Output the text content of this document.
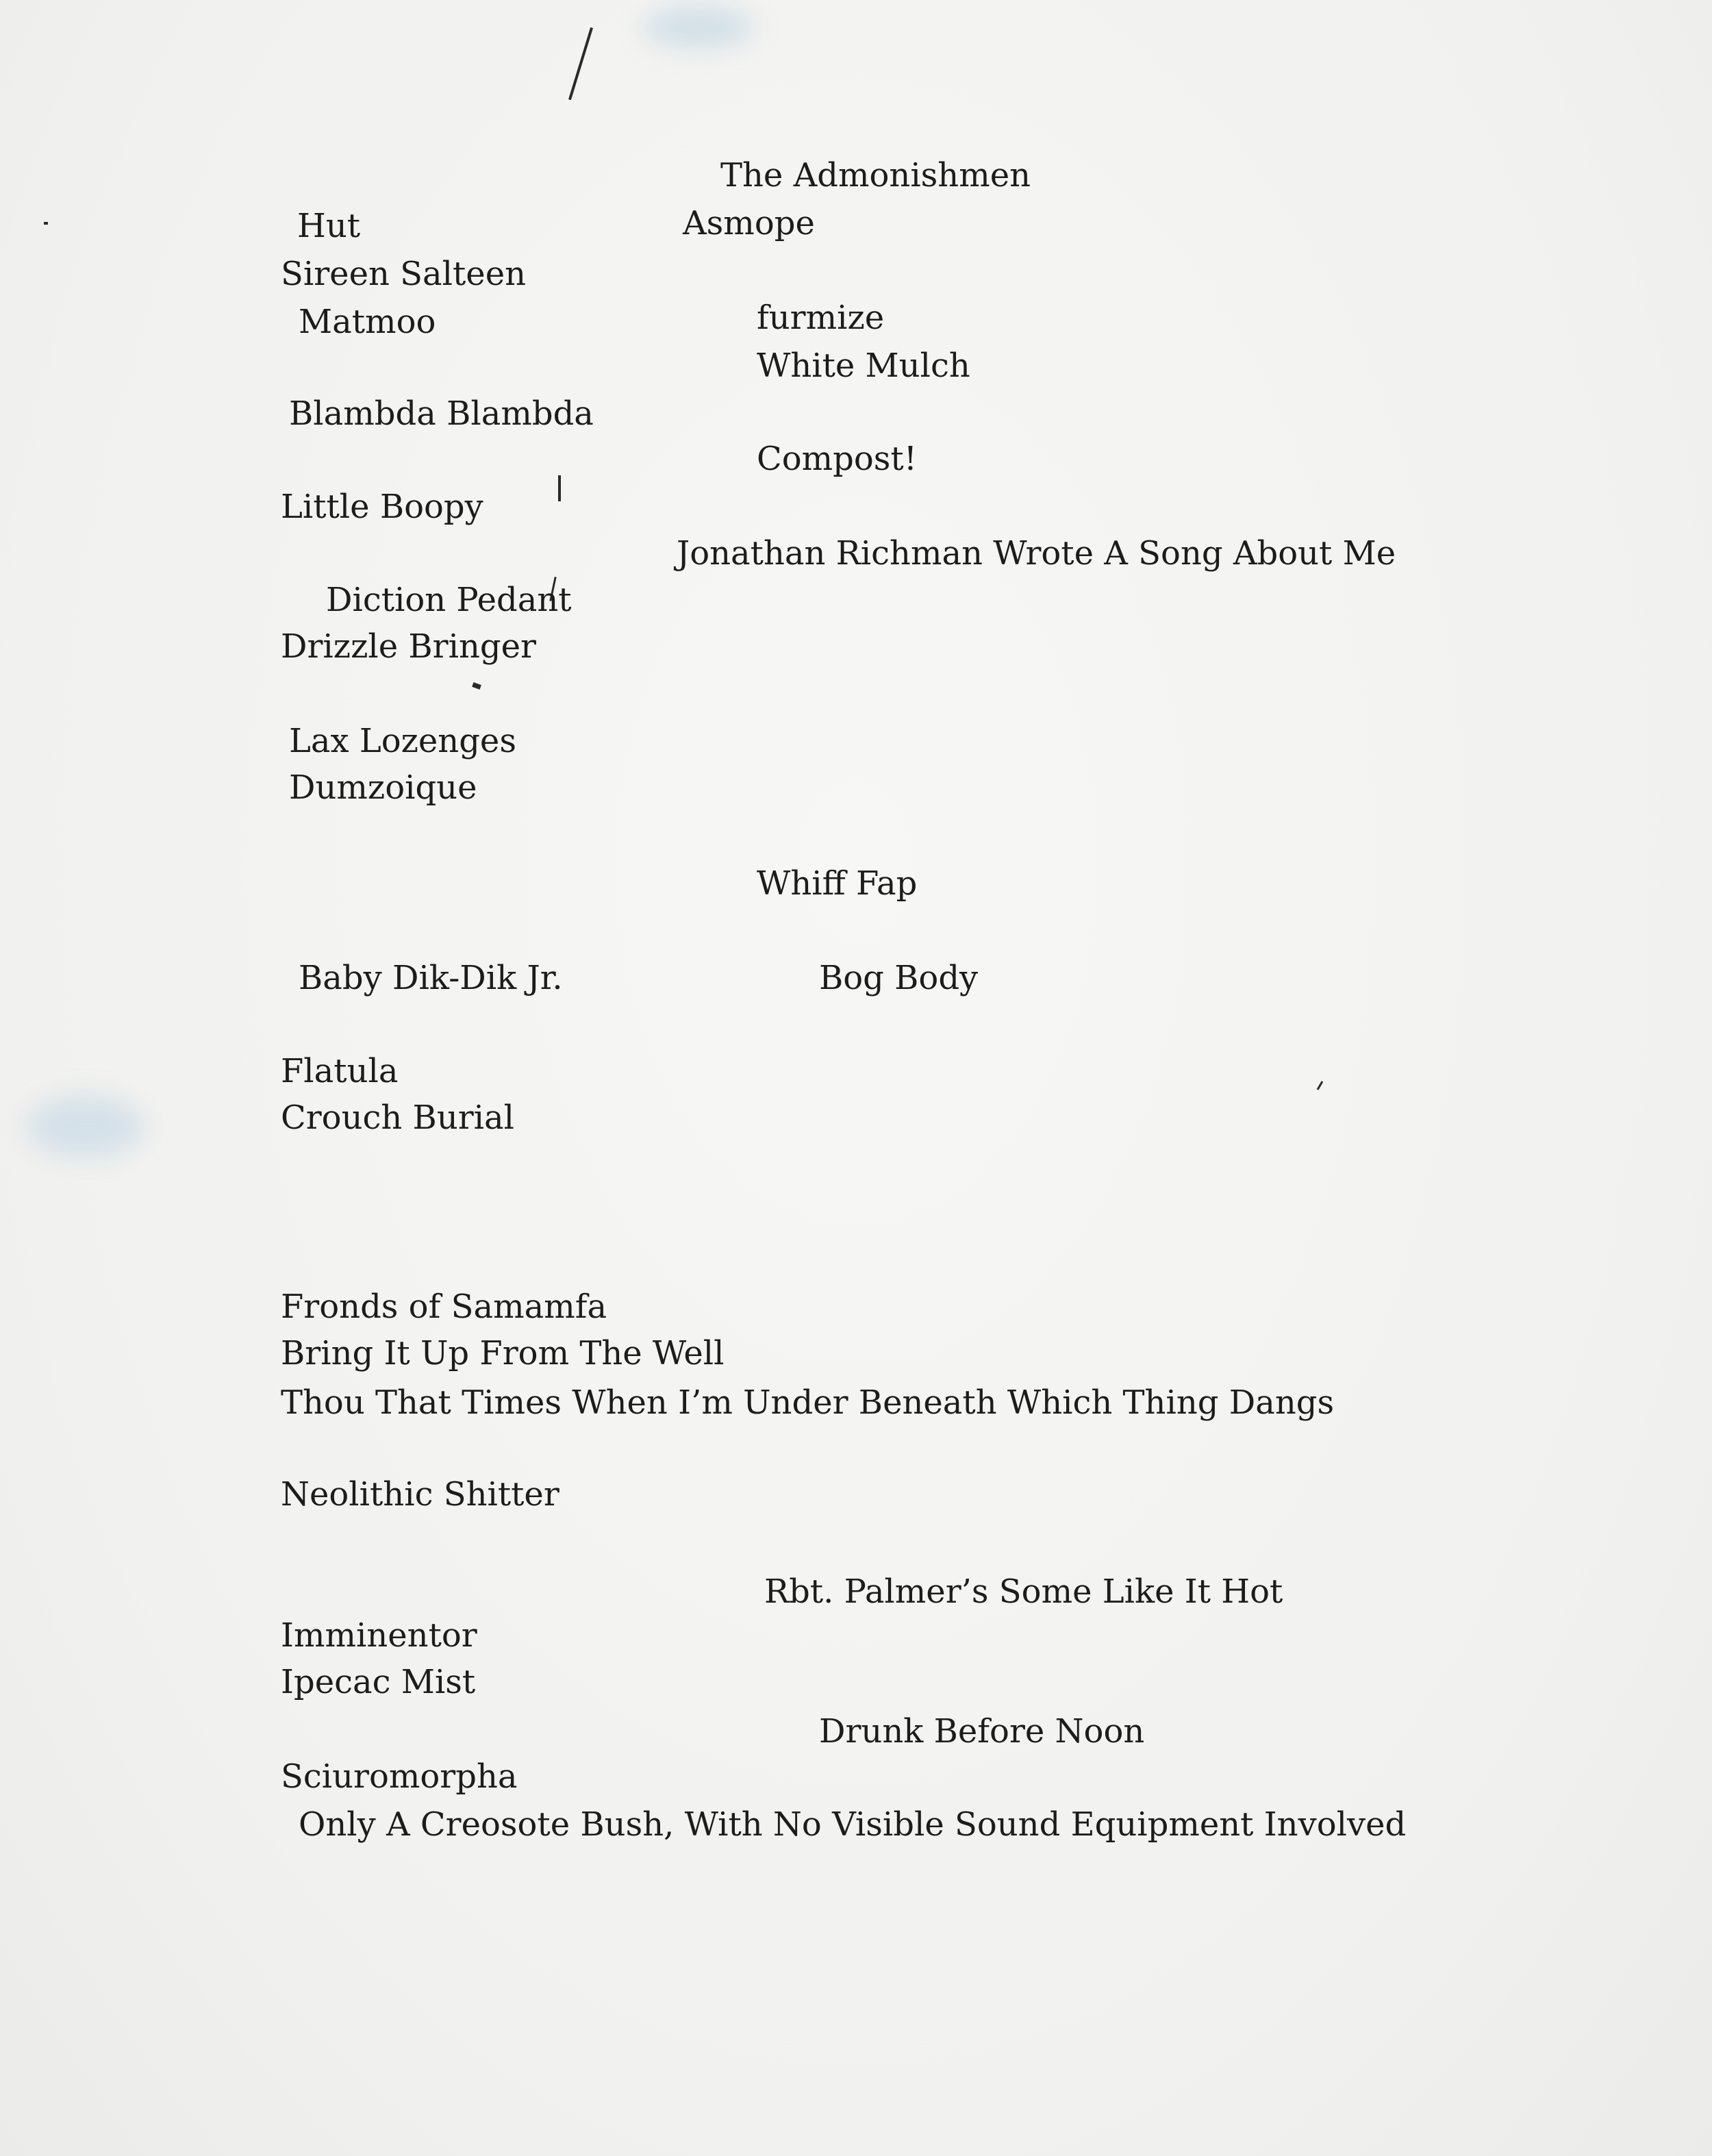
The Admonishmen
Hut	Asmope
Sireen Salteen
Matmoo	furmize
White Mulch
Blambda Blambda
Compost!
Little Boopy
Jonathan Richman Wrote A Song About Me
Diction Pedant
Drizzle Bringer
Lax Lozenges
Dumzoique
Whiff Fap
Baby Dik-Dik Jr.	Bog Body
Flatula
Crouch Burial
Fronds of Samamfa
Bring It Up From The Well
Thou That Times When I’m Under Beneath Which Thing Dangs
Neolithic Shitter
Rbt. Palmer’s Some Like It Hot
Imminentor
Ipecac Mist
Drunk Before Noon
Sciuromorpha
Only A Creosote Bush, With No Visible Sound Equipment Involved
